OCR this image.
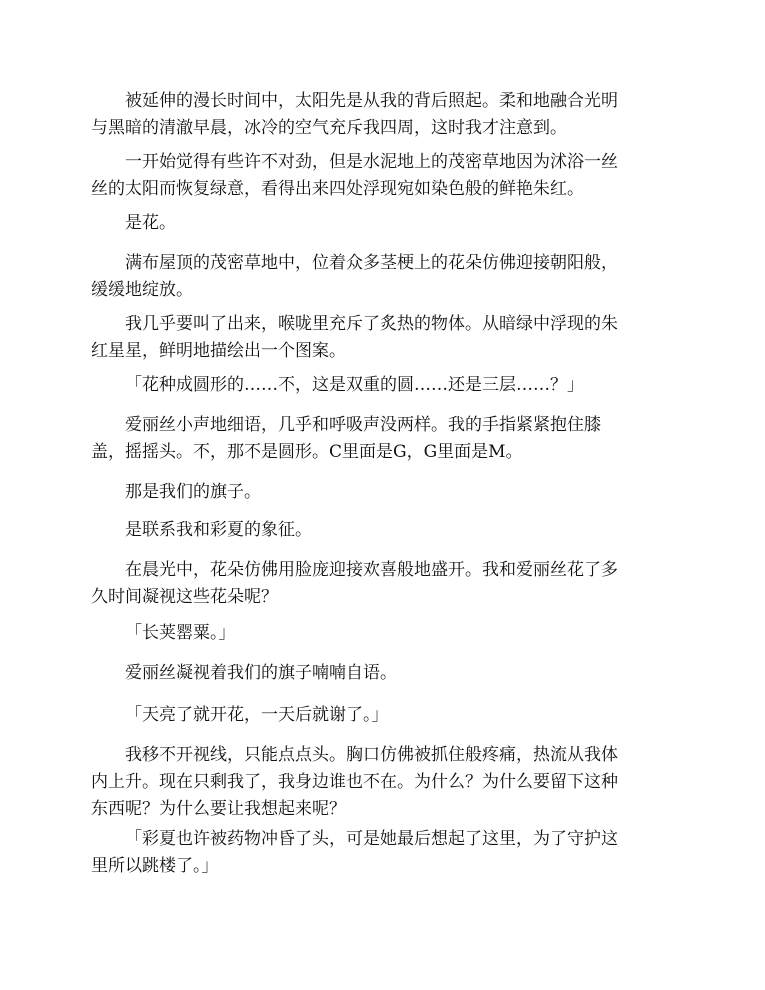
被延伸的漫长时间中，太阳先是从我的背后照起。柔和地融合光明
与黑暗的清澈早晨，冰冷的空气充斥我四周，这时我才注意到。
一开始觉得有些许不对劲，但是水泥地上的茂密草地因为沭浴一丝
丝的太阳而恢复绿意，看得出来四处浮现宛如染色般的鲜艳朱红。
是花。
满布屋顶的茂密草地中，位着众多茎梗上的花朵仿佛迎接朝阳般，
缓缓地绽放。
我几乎要叫了出来，喉咙里充斥了炙热的物体。从暗绿中浮现的朱
红星星，鲜明地描绘出一个图案。
「花种成圆形的……不，这是双重的圆……还是三层……？」
爱丽丝小声地细语，几乎和呼吸声没两样。我的手指紧紧抱住膝
盖，摇摇头。不，那不是圆形。C里面是G，G里面是M。
那是我们的旗子。
是联系我和彩夏的象征。
在晨光中，花朵仿佛用脸庞迎接欢喜般地盛开。我和爱丽丝花了多
久时间凝视这些花朵呢？
「长荚罂粟。」
爱丽丝凝视着我们的旗子喃喃自语。
「天亮了就开花，一天后就谢了。」
我移不开视线，只能点点头。胸口仿佛被抓住般疼痛，热流从我体
内上升。现在只剩我了，我身边谁也不在。为什么？为什么要留下这种
东西呢？为什么要让我想起来呢？
「彩夏也许被药物冲昏了头，可是她最后想起了这里，为了守护这
里所以跳楼了。」
